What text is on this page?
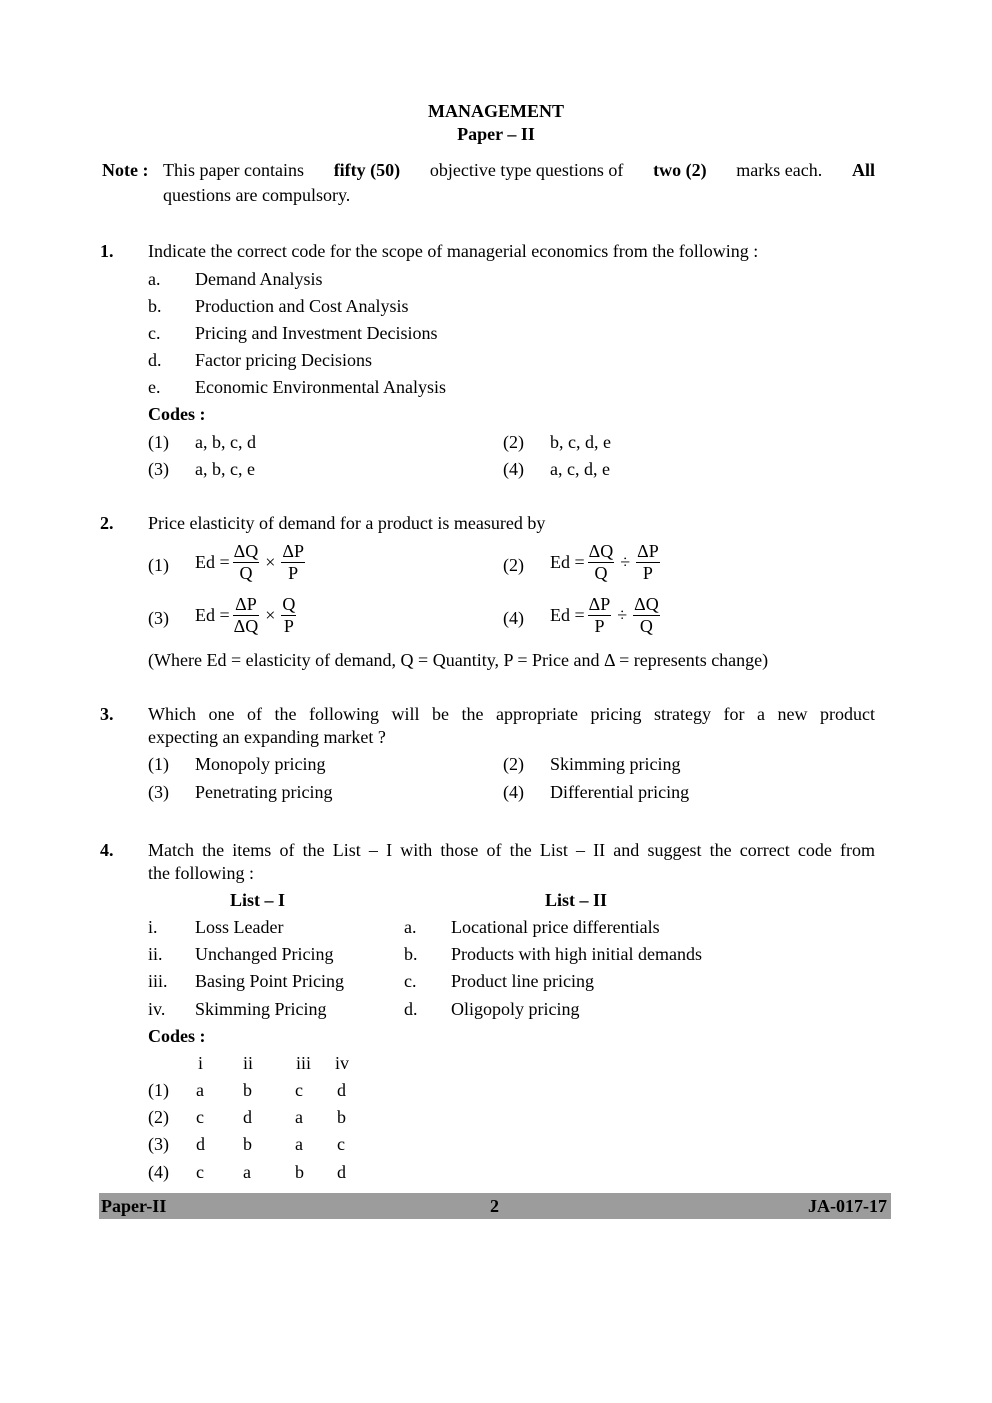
MANAGEMENT
Paper – II
Note : This paper contains fifty (50) objective type questions of two (2) marks each. All
questions are compulsory.
1. Indicate the correct code for the scope of managerial economics from the following :
a. Demand Analysis
b. Production and Cost Analysis
c. Pricing and Investment Decisions
d. Factor pricing Decisions
e. Economic Environmental Analysis
Codes :
(1) a, b, c, d	(2) b, c, d, e
(3) a, b, c, e	(4) a, c, d, e
2. Price elasticity of demand for a product is measured by
(1) $Ed = \frac{\Delta Q}{Q} \times \frac{\Delta P}{P}$	(2) $Ed = \frac{\Delta Q}{Q} \div \frac{\Delta P}{P}$
(3) $Ed = \frac{\Delta P}{\Delta Q} \times \frac{Q}{P}$	(4) $Ed = \frac{\Delta P}{P} \div \frac{\Delta Q}{Q}$
(Where Ed = elasticity of demand, Q = Quantity, P = Price and Δ = represents change)
3. Which one of the following will be the appropriate pricing strategy for a new product
expecting an expanding market ?
(1) Monopoly pricing	(2) Skimming pricing
(3) Penetrating pricing	(4) Differential pricing
4. Match the items of the List – I with those of the List – II and suggest the correct code from
the following :
List – I	List – II
i. Loss Leader	a. Locational price differentials
ii. Unchanged Pricing	b. Products with high initial demands
iii. Basing Point Pricing	c. Product line pricing
iv. Skimming Pricing	d. Oligopoly pricing
Codes :
i ii iii iv
(1) a b c d
(2) c d a b
(3) d b a c
(4) c a b d
Paper-II	2	JA-017-17
